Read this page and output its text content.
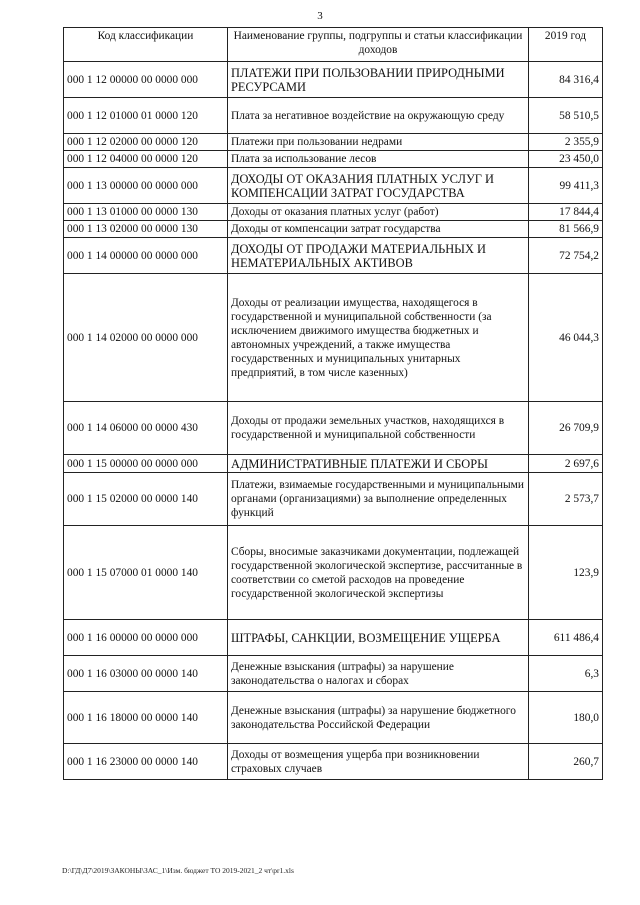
3
Код классификации	Наименование группы, подгруппы и статьи классификации доходов	2019 год
000 1 12 00000 00 0000 000	ПЛАТЕЖИ ПРИ ПОЛЬЗОВАНИИ ПРИРОДНЫМИ РЕСУРСАМИ	84 316,4
000 1 12 01000 01 0000 120	Плата за негативное воздействие на окружающую среду	58 510,5
000 1 12 02000 00 0000 120	Платежи при пользовании недрами	2 355,9
000 1 12 04000 00 0000 120	Плата за использование лесов	23 450,0
000 1 13 00000 00 0000 000	ДОХОДЫ ОТ ОКАЗАНИЯ ПЛАТНЫХ УСЛУГ И КОМПЕНСАЦИИ ЗАТРАТ ГОСУДАРСТВА	99 411,3
000 1 13 01000 00 0000 130	Доходы от оказания платных услуг (работ)	17 844,4
000 1 13 02000 00 0000 130	Доходы от компенсации затрат государства	81 566,9
000 1 14 00000 00 0000 000	ДОХОДЫ ОТ ПРОДАЖИ МАТЕРИАЛЬНЫХ И НЕМАТЕРИАЛЬНЫХ АКТИВОВ	72 754,2
000 1 14 02000 00 0000 000	Доходы от реализации имущества, находящегося в государственной и муниципальной собственности (за исключением движимого имущества бюджетных и автономных учреждений, а также имущества государственных и муниципальных унитарных предприятий, в том числе казенных)	46 044,3
000 1 14 06000 00 0000 430	Доходы от продажи земельных участков, находящихся в государственной и муниципальной собственности	26 709,9
000 1 15 00000 00 0000 000	АДМИНИСТРАТИВНЫЕ ПЛАТЕЖИ И СБОРЫ	2 697,6
000 1 15 02000 00 0000 140	Платежи, взимаемые государственными и муниципальными органами (организациями) за выполнение определенных функций	2 573,7
000 1 15 07000 01 0000 140	Сборы, вносимые заказчиками документации, подлежащей государственной экологической экспертизе, рассчитанные в соответствии со сметой расходов на проведение государственной экологической экспертизы	123,9
000 1 16 00000 00 0000 000	ШТРАФЫ, САНКЦИИ, ВОЗМЕЩЕНИЕ УЩЕРБА	611 486,4
000 1 16 03000 00 0000 140	Денежные взыскания (штрафы) за нарушение законодательства о налогах и сборах	6,3
000 1 16 18000 00 0000 140	Денежные взыскания (штрафы) за нарушение бюджетного законодательства Российской Федерации	180,0
000 1 16 23000 00 0000 140	Доходы от возмещения ущерба при возникновении страховых случаев	260,7
D:\ГД\Д7\2019\ЗАКОНЫ\ЗАС_1\Изм. бюджет ТО 2019-2021_2 чт\pr1.xls
